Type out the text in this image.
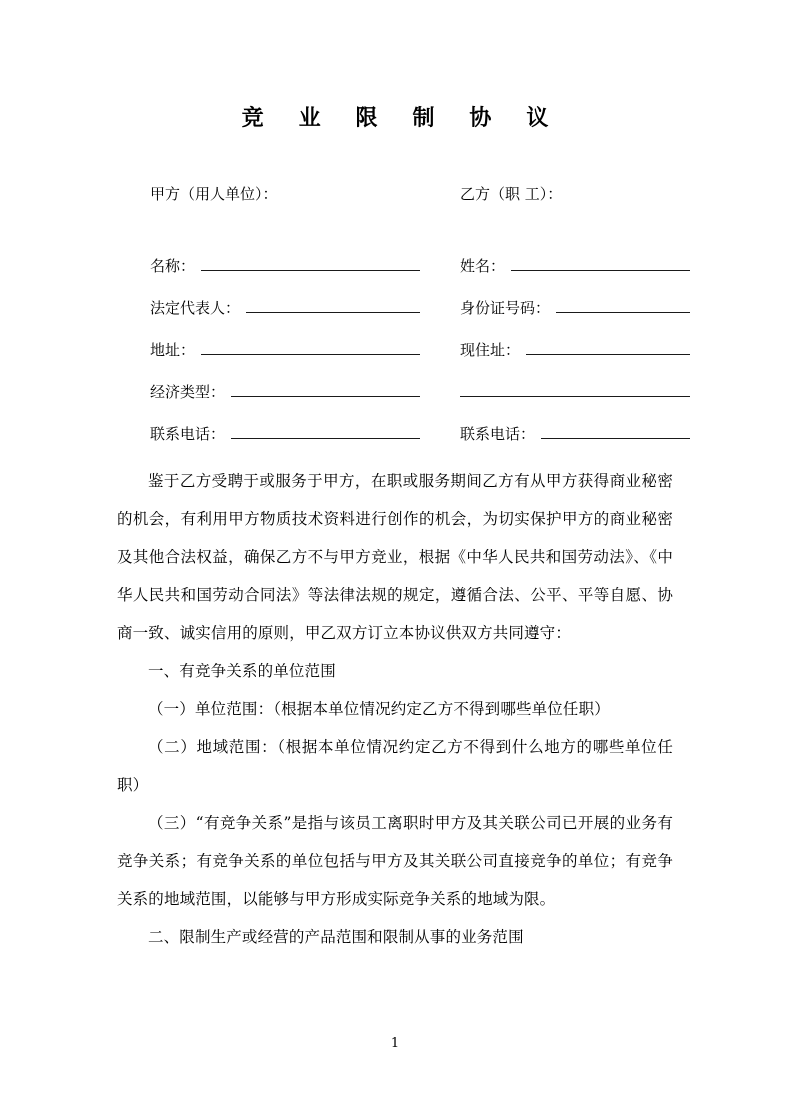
竞 业 限 制 协 议
甲方（用人单位）：	乙方（职 工）：
名称：	姓名：
法定代表人：	身份证号码：
地址：	现住址：
经济类型：
联系电话：	联系电话：

鉴于乙方受聘于或服务于甲方，在职或服务期间乙方有从甲方获得商业秘密的机会，有利用甲方物质技术资料进行创作的机会，为切实保护甲方的商业秘密及其他合法权益，确保乙方不与甲方竞业，根据《中华人民共和国劳动法》、《中华人民共和国劳动合同法》等法律法规的规定，遵循合法、公平、平等自愿、协商一致、诚实信用的原则，甲乙双方订立本协议供双方共同遵守：

一、有竞争关系的单位范围

（一）单位范围：（根据本单位情况约定乙方不得到哪些单位任职）

（二）地域范围：（根据本单位情况约定乙方不得到什么地方的哪些单位任职）

（三）“有竞争关系”是指与该员工离职时甲方及其关联公司已开展的业务有竞争关系；有竞争关系的单位包括与甲方及其关联公司直接竞争的单位；有竞争关系的地域范围，以能够与甲方形成实际竞争关系的地域为限。

二、限制生产或经营的产品范围和限制从事的业务范围

1
